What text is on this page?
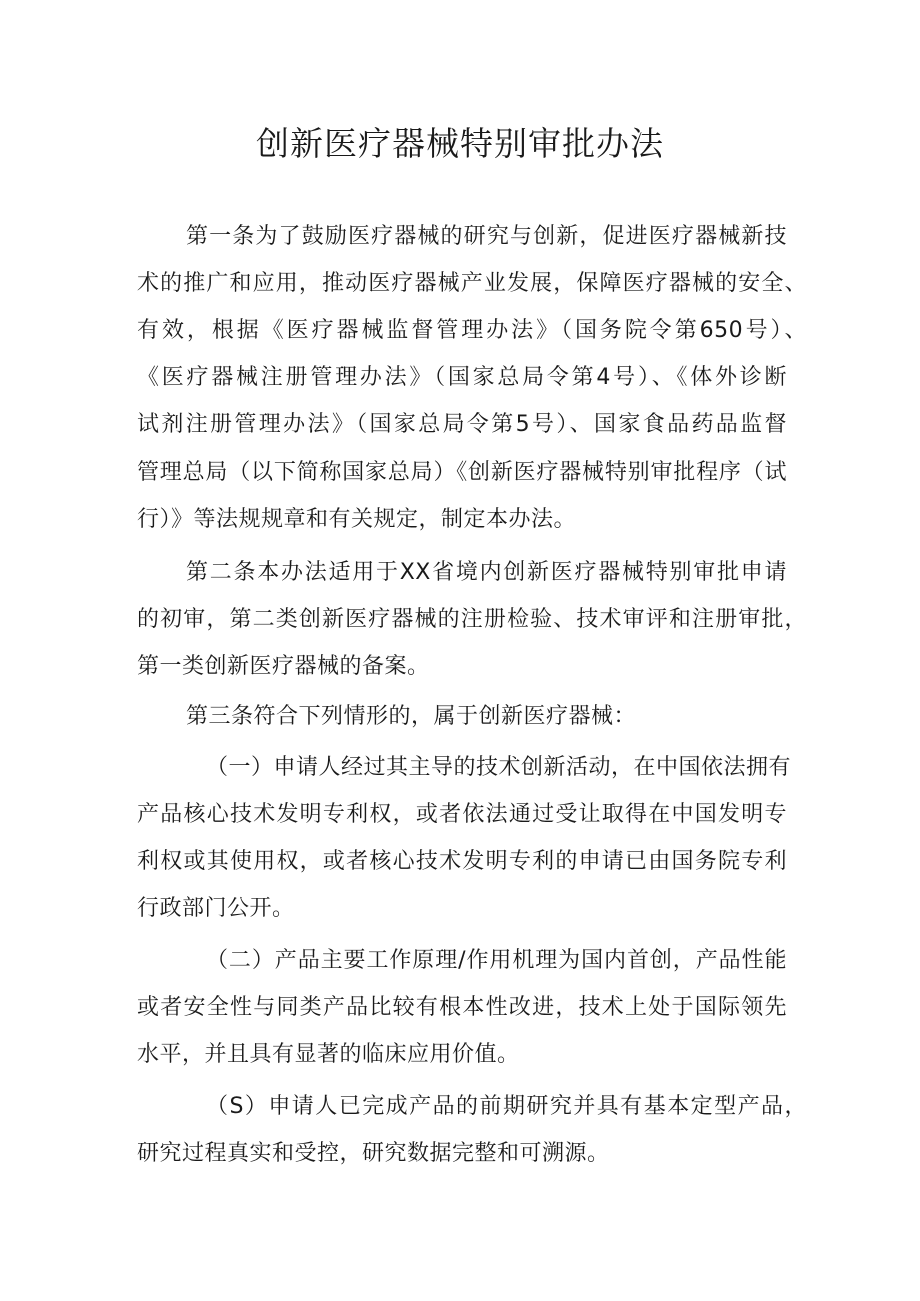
创新医疗器械特别审批办法
第一条为了鼓励医疗器械的研究与创新，促进医疗器械新技
术的推广和应用，推动医疗器械产业发展，保障医疗器械的安全、
有效，根据《医疗器械监督管理办法》（国务院令第650号）、
《医疗器械注册管理办法》（国家总局令第4号）、《体外诊断
试剂注册管理办法》（国家总局令第5号）、国家食品药品监督
管理总局（以下简称国家总局）《创新医疗器械特别审批程序（试
行）》等法规规章和有关规定，制定本办法。
第二条本办法适用于XX省境内创新医疗器械特别审批申请
的初审，第二类创新医疗器械的注册检验、技术审评和注册审批，
第一类创新医疗器械的备案。
第三条符合下列情形的，属于创新医疗器械：
（一）申请人经过其主导的技术创新活动，在中国依法拥有
产品核心技术发明专利权，或者依法通过受让取得在中国发明专
利权或其使用权，或者核心技术发明专利的申请已由国务院专利
行政部门公开。
（二）产品主要工作原理/作用机理为国内首创，产品性能
或者安全性与同类产品比较有根本性改进，技术上处于国际领先
水平，并且具有显著的临床应用价值。
（S）申请人已完成产品的前期研究并具有基本定型产品，
研究过程真实和受控，研究数据完整和可溯源。
